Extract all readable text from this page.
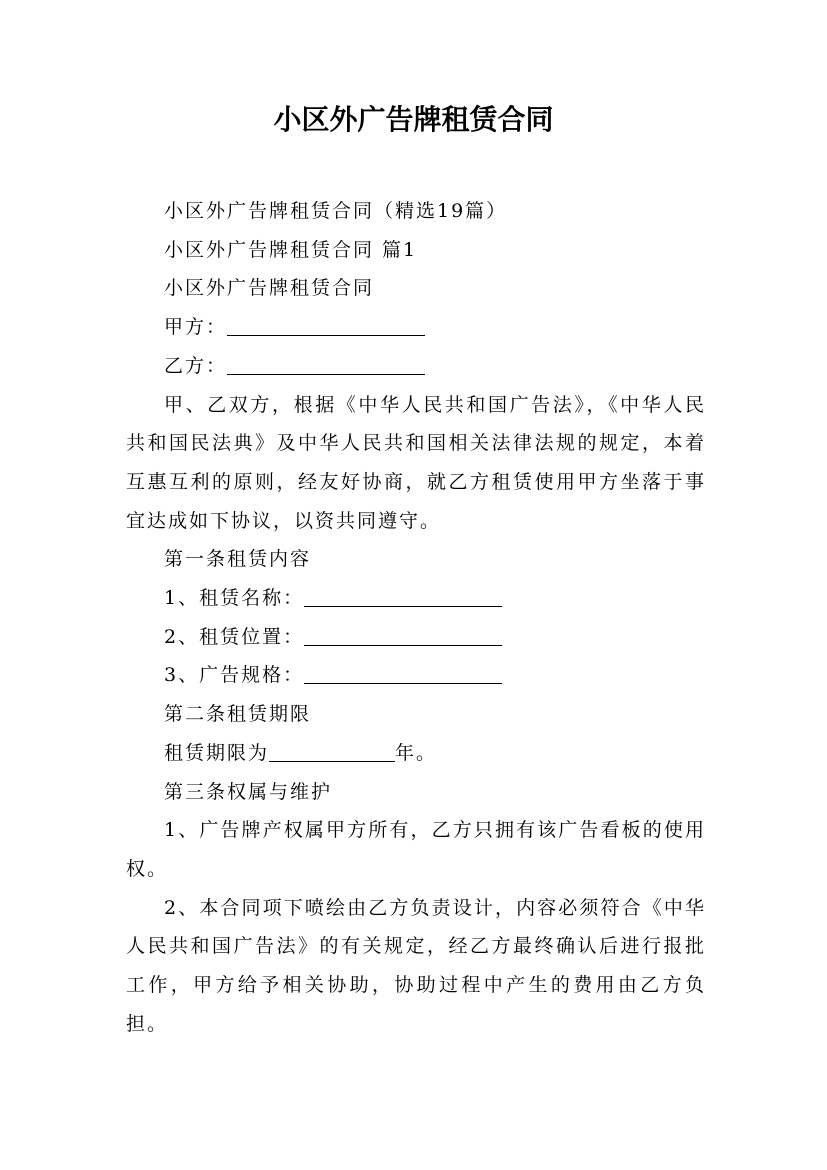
小区外广告牌租赁合同

小区外广告牌租赁合同（精选19篇）

小区外广告牌租赁合同 篇1

小区外广告牌租赁合同

甲方：

乙方：

甲、乙双方，根据《中华人民共和国广告法》，《中华人民共和国民法典》及中华人民共和国相关法律法规的规定，本着互惠互利的原则，经友好协商，就乙方租赁使用甲方坐落于事宜达成如下协议，以资共同遵守。

第一条租赁内容

1、租赁名称：

2、租赁位置：

3、广告规格：

第二条租赁期限

租赁期限为	年。

第三条权属与维护

1、广告牌产权属甲方所有，乙方只拥有该广告看板的使用权。

2、本合同项下喷绘由乙方负责设计，内容必须符合《中华人民共和国广告法》的有关规定，经乙方最终确认后进行报批工作，甲方给予相关协助，协助过程中产生的费用由乙方负担。
